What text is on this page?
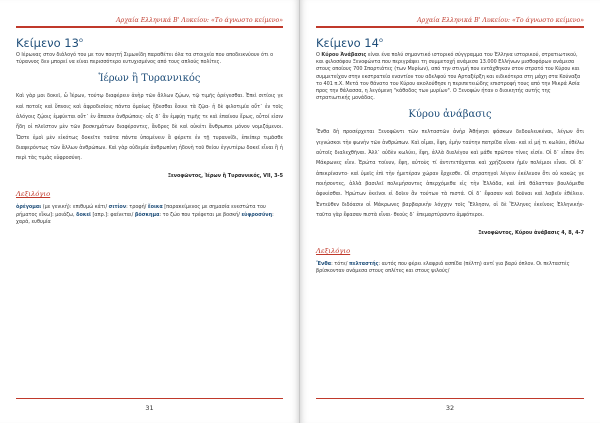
Αρχαία Ελληνικά Β' Λυκείου: «Το άγνωστο κείμενο»
Κείμενο $13^o$

Ο Ιέρωνας στον διάλογό του με τον ποιητή Σιμωνίδη παραθέτει όλα τα στοιχεία που αποδεικνύουν ότι ο τύραννος δεν μπορεί να είναι περισσότερο ευτυχισμένος από τους απλούς πολίτες.

Ἱέρων ἢ Τυραννικός

Καὶ γὰρ μοι δοκεῖ, ὦ Ἱέρων, τούτῳ διαφέρειν ἀνὴρ τῶν ἄλλων ζῴων, τῷ τιμῆς ὀρέγεσθαι. Ἐπεὶ σιτίοις γε καὶ ποτοῖς καὶ ὕπνοις καὶ ἀφροδισίοις πάντα ὁμοίως ἥδεσθαι ἔοικε τὰ ζῷα· ἡ δὲ φιλοτιμία οὔτ᾽ ἐν τοῖς ἀλόγοις ζῴοις ἐμφύεται οὔτ᾽ ἐν ἅπασιν ἀνθρώποις· οἷς δ᾽ ἂν ἐμφύῃ τιμῆς τε καὶ ἐπαίνου ἔρως, οὗτοί εἰσιν ἤδη οἱ πλεῖστον μὲν τῶν βοσκημάτων διαφέροντες, ἄνδρες δὲ καὶ οὐκέτι ἄνθρωποι μόνον νομιζόμενοι. Ὥστε ἐμοὶ μὲν εἰκότως δοκεῖτε ταῦτα πάντα ὑπομένειν ἃ φέρετε ἐν τῇ τυραννίδι, ἐπείπερ τιμᾶσθε διαφερόντως τῶν ἄλλων ἀνθρώπων. Καὶ γὰρ οὐδεμία ἀνθρωπίνη ἡδονὴ τοῦ θείου ἐγγυτέρω δοκεῖ εἶναι ἢ ἡ περὶ τὰς τιμὰς εὐφροσύνη.

Ξενοφῶντος, Ἱέρων ἢ Τυραννικός, VII, 3-5
Λεξιλόγιο

ὀρέγομαι (με γενική): επιθυμώ κάτι/ σιτίον: τροφή/ ἔοικα [παρακείμενος με σημασία ενεστώτα του ρήματος εἴκω]: μοιάζω, δοκεῖ [απρ.]: φαίνεται/ βόσκημα: το ζώο που τρέφεται με βοσκή/ εὐφροσύνη: χαρά, ευθυμία

31
Αρχαία Ελληνικά Β' Λυκείου: «Το άγνωστο κείμενο»
Κείμενο $14^o$

Ο Κύρου Ἀνάβασις είναι ένα πολύ σημαντικό ιστορικό σύγγραμμα του Έλληνα ιστορικού, στρατιωτικού, και φιλοσόφου Ξενοφώντα που περιγράφει τη συμμετοχή ανάμεσα 13.000 Ελλήνων μισθοφόρων ανάμεσα στους οποίους 700 Σπαρτιάτες (των Μυρίων), από την στιγμή που εντάχθηκαν στον στρατό του Κύρου και συμμετείχαν στην εκστρατεία εναντίον του αδελφού του Αρταξέρξη και ειδικότερα στη μάχη στα Κούναξα το 401 π.Χ. Μετά τον θάνατο του Κύρου ακολούθησε η περιπετειώδης επιστροφή τους από την Μικρά Ασία προς την θάλασσα, η λεγόμενη "κάθοδος των μυρίων". Ο Ξενοφών ήταν ο διοικητής αυτής της στρατιωτικής μονάδας.

Κύρου ἀνάβασις

Ἔνθα δὴ προσέρχεται Ξενοφῶντι τῶν πελταστῶν ἀνὴρ Ἀθήνησι φάσκων δεδουλευκέναι, λέγων ὅτι γιγνώσκοι τὴν φωνὴν τῶν ἀνθρώπων. Καὶ οἶμαι, ἔφη, ἐμὴν ταύτην πατρίδα εἶναι· καὶ εἰ μή τι κωλύει, ἐθέλω αὐτοῖς διαλεχθῆναι. Ἀλλ᾽ οὐδὲν κωλύει, ἔφη, ἀλλὰ διαλέγου καὶ μάθε πρῶτον τίνες εἰσίν. Οἱ δ᾽ εἶπον ὅτι Μάκρωνες εἶεν. Ἐρώτα τοίνυν, ἔφη, αὐτοὺς τί ἀντιτετάχαται καὶ χρῄζουσιν ἡμῖν πολέμιοι εἶναι. Οἱ δ᾽ ἀπεκρίναντο· καὶ ὑμεῖς ἐπὶ τὴν ἡμετέραν χώραν ἔρχεσθε. Οἱ στρατηγοὶ λέγειν ἐκέλευον ὅτι οὐ κακῶς γε ποιήσοντες, ἀλλὰ βασιλεῖ πολεμήσαντες ἀπερχόμεθα εἰς τὴν Ἑλλάδα, καὶ ἐπὶ θάλατταν βουλόμεθα ἀφικέσθαι. Ἠρώτων ἐκεῖνοι εἰ δοῖεν ἂν τούτων τὰ πιστά. Οἱ δ᾽ ἔφασαν καὶ δοῦναι καὶ λαβεῖν ἐθέλειν. Ἐντεῦθεν διδόασιν οἱ Μάκρωνες βαρβαρικὴν λόγχην τοῖς Ἕλλησιν, οἱ δὲ Ἕλληνες ἐκείνοις Ἑλληνικήν· ταῦτα γὰρ ἔφασαν πιστὰ εἶναι· θεοὺς δ᾽ ἐπεμαρτύραντο ἀμφότεροι.

Ξενοφῶντος, Κύρου ἀνάβασις 4, 8, 4-7
Λεξιλόγιο

Ἔνθα: τότε/ πελταστής: αυτός που φέρει ελαφριά ασπίδα (πέλτη) αντί για βαρύ όπλον. Οι πελταστές βρίσκονταν ανάμεσα στους οπλίτες και στους ψιλούς/

32
